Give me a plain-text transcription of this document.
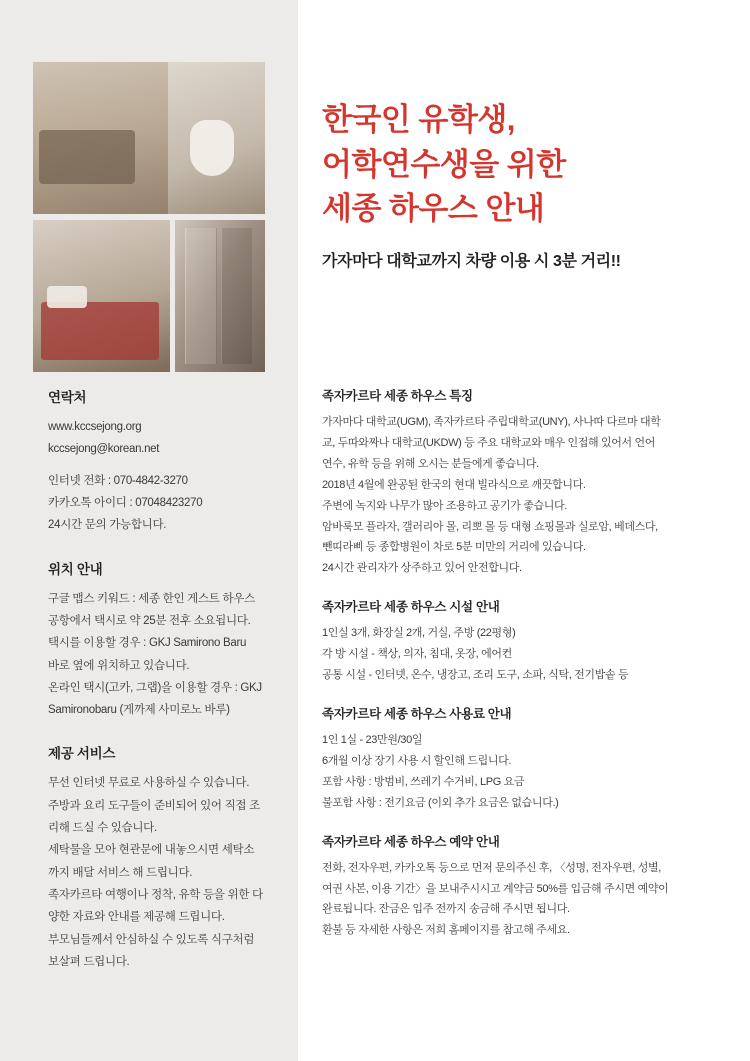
한국인 유학생,
어학연수생을 위한
세종 하우스 안내
가자마다 대학교까지 차량 이용 시 3분 거리!!
연락처

www.kccsejong.org

kccsejong@korean.net

인터넷 전화 : 070-4842-3270

카카오톡 아이디 : 07048423270

24시간 문의 가능합니다.

위치 안내

구글 맵스 키워드 : 세종 한인 게스트 하우스

공항에서 택시로 약 25분 전후 소요됩니다.

택시를 이용할 경우 : GKJ Samirono Baru

바로 옆에 위치하고 있습니다.

온라인 택시(고카, 그랩)을 이용할 경우 : GKJ

Samironobaru (게까제 사미로노 바루)

제공 서비스

무선 인터넷 무료로 사용하실 수 있습니다.

주방과 요리 도구들이 준비되어 있어 직접 조

리해 드실 수 있습니다.

세탁물을 모아 현관문에 내놓으시면 세탁소

까지 배달 서비스 해 드립니다.

족자카르타 여행이나 정착, 유학 등을 위한 다

양한 자료와 안내를 제공해 드립니다.

부모님들께서 안심하실 수 있도록 식구처럼

보살펴 드립니다.

족자카르타 세종 하우스 특징

가자마다 대학교(UGM), 족자카르타 주립대학교(UNY), 사나따 다르마 대학

교, 두따와짜나 대학교(UKDW) 등 주요 대학교와 매우 인접해 있어서 언어

연수, 유학 등을 위해 오시는 분들에게 좋습니다.

2018년 4월에 완공된 한국의 현대 빌라식으로 깨끗합니다.

주변에 녹지와 나무가 많아 조용하고 공기가 좋습니다.

암바룩모 플라자, 갤러리아 몰, 리뽀 몰 등 대형 쇼핑몰과 실로암, 베데스다,

뺀띠라삐 등 종합병원이 차로 5분 미만의 거리에 있습니다.

24시간 관리자가 상주하고 있어 안전합니다.

족자카르타 세종 하우스 시설 안내

1인실 3개, 화장실 2개, 거실, 주방 (22평형)

각 방 시설 - 책상, 의자, 침대, 옷장, 에어컨

공통 시설 - 인터넷, 온수, 냉장고, 조리 도구, 소파, 식탁, 전기밥솥 등

족자카르타 세종 하우스 사용료 안내

1인 1실 - 23만원/30일

6개월 이상 장기 사용 시 할인해 드립니다.

포함 사항 : 방범비, 쓰레기 수거비, LPG 요금

불포함 사항 : 전기요금 (이외 추가 요금은 없습니다.)

족자카르타 세종 하우스 예약 안내

전화, 전자우편, 카카오톡 등으로 먼저 문의주신 후, 〈성명, 전자우편, 성별,

여권 사본, 이용 기간〉을 보내주시시고 계약금 50%를 입금해 주시면 예약이

완료됩니다. 잔금은 입주 전까지 송금해 주시면 됩니다.

환불 등 자세한 사항은 저희 홈페이지를 참고해 주세요.
